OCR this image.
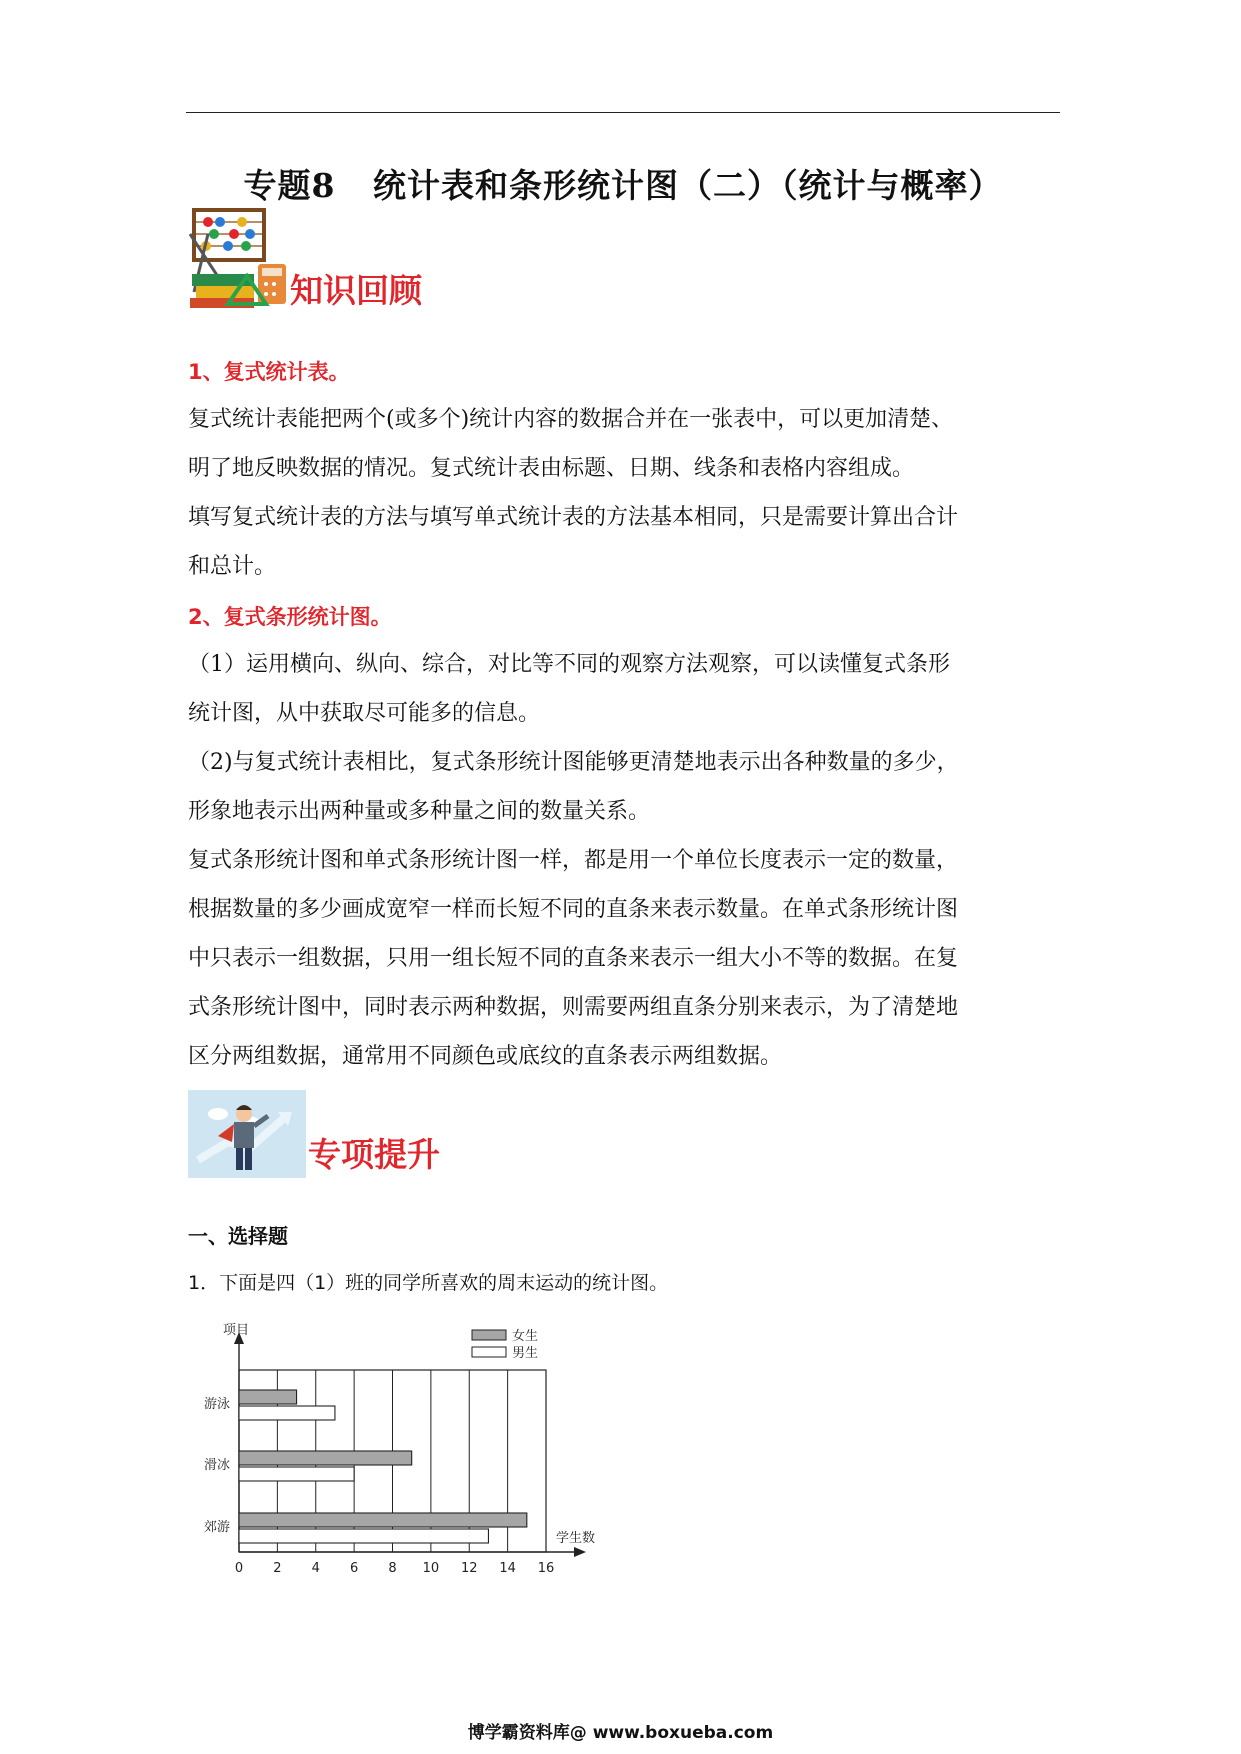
专题8   统计表和条形统计图（二）（统计与概率）
知识回顾
1、复式统计表。

复式统计表能把两个(或多个)统计内容的数据合并在一张表中，可以更加清楚、

明了地反映数据的情况。复式统计表由标题、日期、线条和表格内容组成。

填写复式统计表的方法与填写单式统计表的方法基本相同，只是需要计算出合计

和总计。

2、复式条形统计图。

（1）运用横向、纵向、综合，对比等不同的观察方法观察，可以读懂复式条形

统计图，从中获取尽可能多的信息。

（2)与复式统计表相比，复式条形统计图能够更清楚地表示出各种数量的多少，

形象地表示出两种量或多种量之间的数量关系。

复式条形统计图和单式条形统计图一样，都是用一个单位长度表示一定的数量，

根据数量的多少画成宽窄一样而长短不同的直条来表示数量。在单式条形统计图

中只表示一组数据，只用一组长短不同的直条来表示一组大小不等的数据。在复

式条形统计图中，同时表示两种数据，则需要两组直条分别来表示，为了清楚地

区分两组数据，通常用不同颜色或底纹的直条表示两组数据。

专项提升
一、选择题
1．下面是四（1）班的同学所喜欢的周末运动的统计图。
项目
学生数
0 2 4 6 8 10 12 14 16
游泳
滑冰
郊游
女生
男生
博学霸资料库@ www.boxueba.com
